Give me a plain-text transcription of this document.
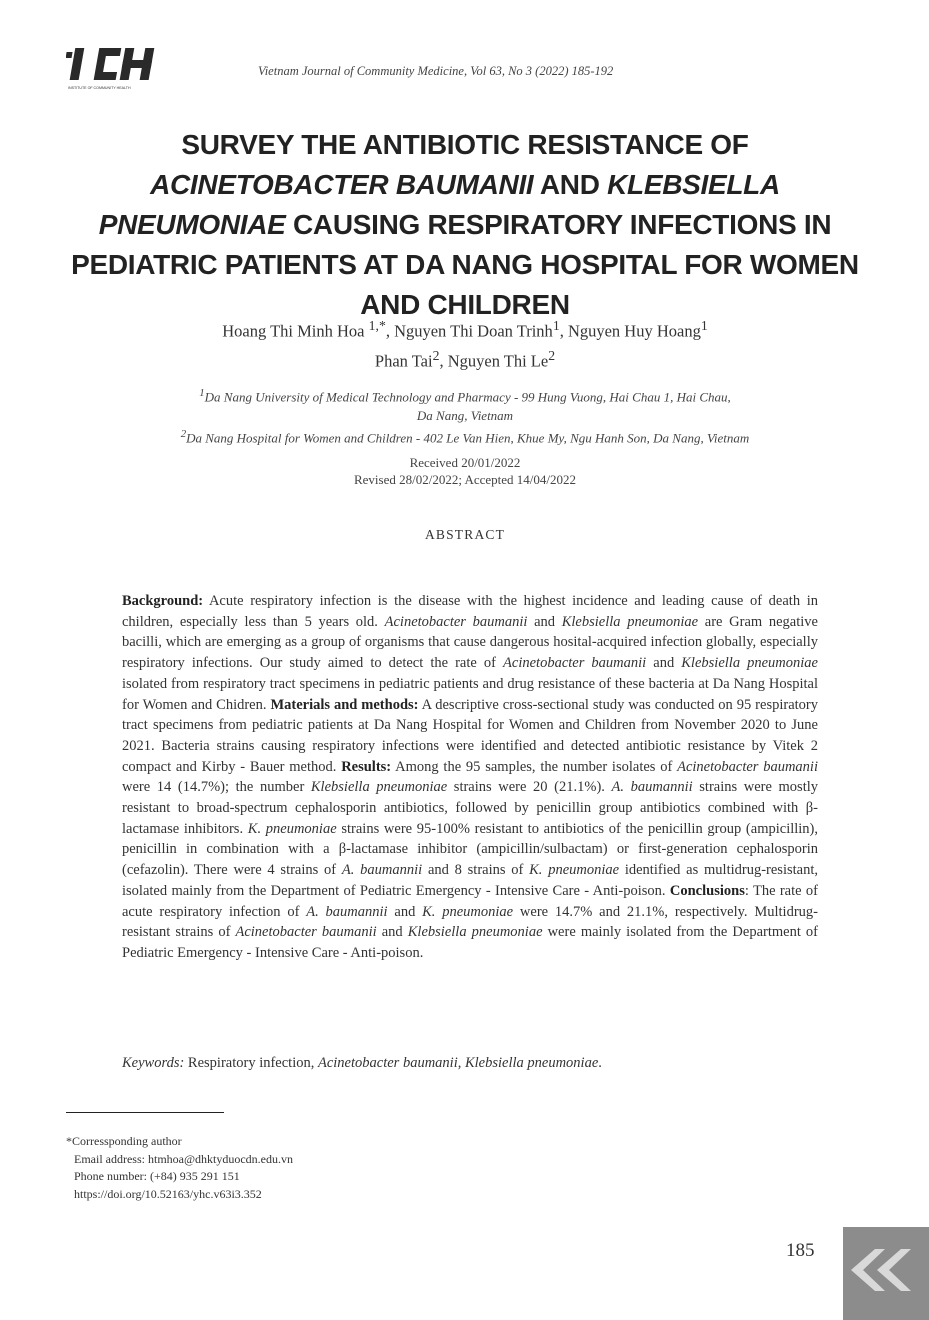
INSTITUTE OF COMMUNITY HEALTH
Vietnam Journal of Community Medicine, Vol 63, No 3 (2022) 185-192
SURVEY THE ANTIBIOTIC RESISTANCE OF ACINETOBACTER BAUMANII AND KLEBSIELLA PNEUMONIAE CAUSING RESPIRATORY INFECTIONS IN PEDIATRIC PATIENTS AT DA NANG HOSPITAL FOR WOMEN AND CHILDREN
Hoang Thi Minh Hoa $^{1,*}$, Nguyen Thi Doan Trinh$^1$, Nguyen Huy Hoang$^1$
Phan Tai$^2$, Nguyen Thi Le$^2$
$^1$Da Nang University of Medical Technology and Pharmacy - 99 Hung Vuong, Hai Chau 1, Hai Chau,
Da Nang, Vietnam
$^2$Da Nang Hospital for Women and Children - 402 Le Van Hien, Khue My, Ngu Hanh Son, Da Nang, Vietnam
Received 20/01/2022
Revised 28/02/2022; Accepted 14/04/2022
ABSTRACT
Background: Acute respiratory infection is the disease with the highest incidence and leading cause of death in children, especially less than 5 years old. Acinetobacter baumanii and Klebsiella pneumoniae are Gram negative bacilli, which are emerging as a group of organisms that cause dangerous hosital-acquired infection globally, especially respiratory infections. Our study aimed to detect the rate of Acinetobacter baumanii and Klebsiella pneumoniae isolated from respiratory tract specimens in pediatric patients and drug resistance of these bacteria at Da Nang Hospital for Women and Chidren. Materials and methods: A descriptive cross-sectional study was conducted on 95 respiratory tract specimens from pediatric patients at Da Nang Hospital for Women and Children from November 2020 to June 2021. Bacteria strains causing respiratory infections were identified and detected antibiotic resistance by Vitek 2 compact and Kirby - Bauer method. Results: Among the 95 samples, the number isolates of Acinetobacter baumanii were 14 (14.7%); the number Klebsiella pneumoniae strains were 20 (21.1%). A. baumannii strains were mostly resistant to broad-spectrum cephalosporin antibiotics, followed by penicillin group antibiotics combined with β-lactamase inhibitors. K. pneumoniae strains were 95-100% resistant to antibiotics of the penicillin group (ampicillin), penicillin in combination with a β-lactamase inhibitor (ampicillin/sulbactam) or first-generation cephalosporin (cefazolin). There were 4 strains of A. baumannii and 8 strains of K. pneumoniae identified as multidrug-resistant, isolated mainly from the Department of Pediatric Emergency - Intensive Care - Anti-poison. Conclusions: The rate of acute respiratory infection of A. baumannii and K. pneumoniae were 14.7% and 21.1%, respectively. Multidrug-resistant strains of Acinetobacter baumanii and Klebsiella pneumoniae were mainly isolated from the Department of Pediatric Emergency - Intensive Care - Anti-poison.
Keywords: Respiratory infection, Acinetobacter baumanii, Klebsiella pneumoniae.
*Corressponding author
Email address: htmhoa@dhktyduocdn.edu.vn
Phone number: (+84) 935 291 151
https://doi.org/10.52163/yhc.v63i3.352
185
